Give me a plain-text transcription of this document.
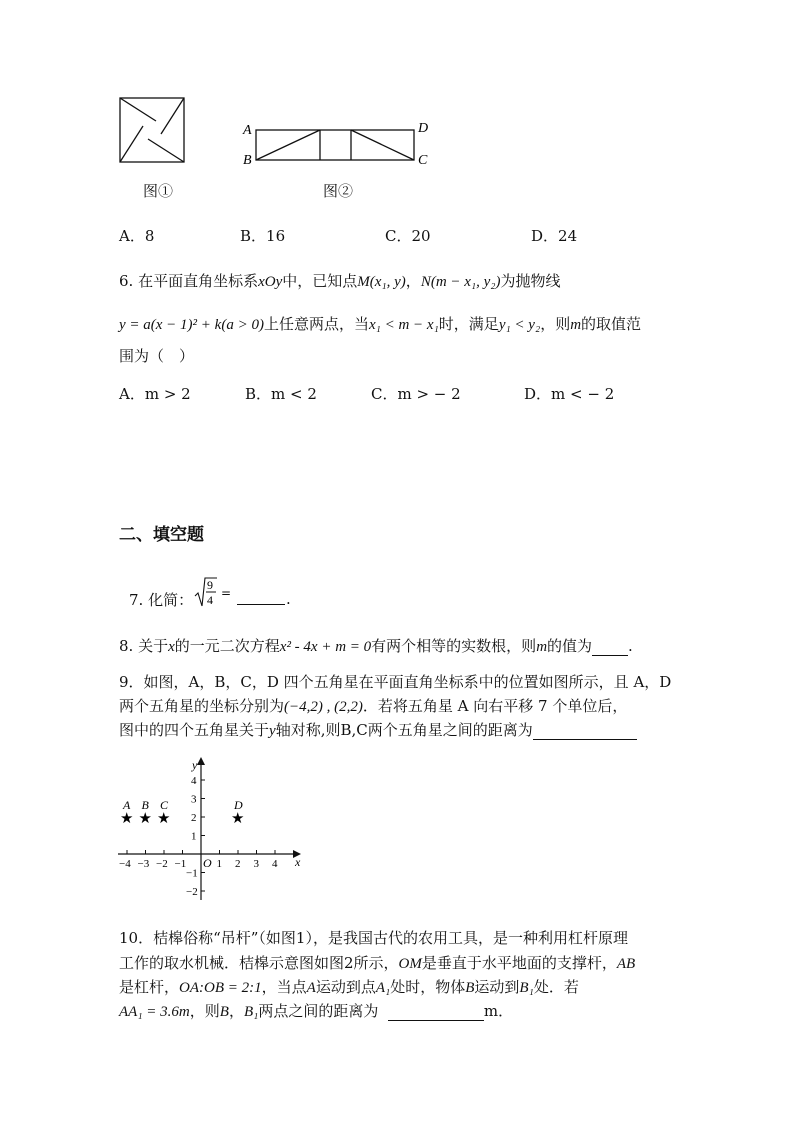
图①
A
B
D
C
图②
A．8	B．16	C．20	D．24
6. 在平面直角坐标系xOy中，已知点M(x₁, y)，N(m − x₁, y₂)为抛物线
y = a(x − 1)² + k(a > 0)上任意两点，当x₁ < m − x₁时，满足y₁ < y₂，则m的取值范
围为（　）
A．m > 2	B．m < 2	C．m > − 2	D．m < − 2
二、填空题
7. 化简：
9
4 =	.
8. 关于x的一元二次方程x² - 4x + m = 0有两个相等的实数根，则m的值为 .
9．如图，A，B，C，D 四个五角星在平面直角坐标系中的位置如图所示，且 A，D
两个五角星的坐标分别为(−4,2) , (2,2)．若将五角星 A 向右平移 7 个单位后，
图中的四个五角星关于y轴对称,则B,C两个五角星之间的距离为
x
y
O
−4 −3 −2 −1	1 2 3 4
4
3
2
1
−1
−2
★
A
★
B
★
C
★
D
10．桔槔俗称“吊杆”（如图1），是我国古代的农用工具，是一种利用杠杆原理
工作的取水机械．桔槔示意图如图2所示，OM是垂直于水平地面的支撑杆，AB
是杠杆，OA:OB = 2:1，当点A运动到点A₁处时，物体B运动到B₁处．若
AA₁ = 3.6m，则B，B₁两点之间的距离为	m．
